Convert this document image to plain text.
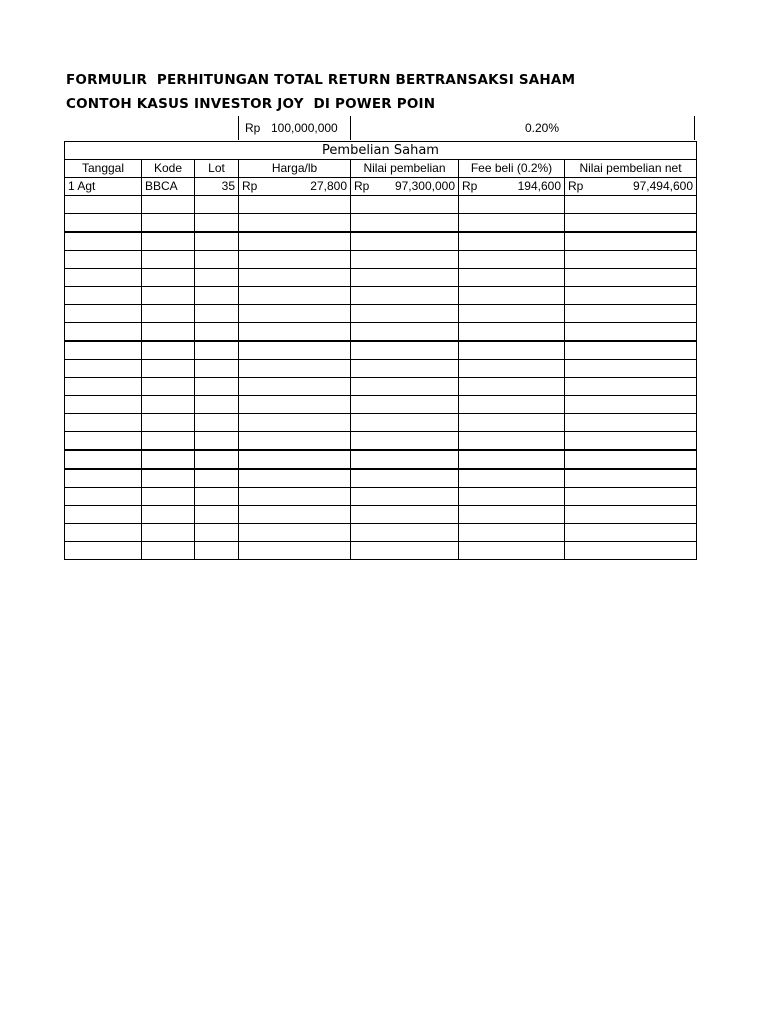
FORMULIR  PERHITUNGAN TOTAL RETURN BERTRANSAKSI SAHAM
CONTOH KASUS INVESTOR JOY  DI POWER POIN
Rp 100,000,000	0.20%
Pembelian Saham						
Tanggal	Kode	Lot	Harga/lb	Nilai pembelian	Fee beli (0.2%)	Nilai pembelian net
1 Agt	BBCA	35	Rp 27,800	Rp 97,300,000	Rp 194,600	Rp 97,494,600
